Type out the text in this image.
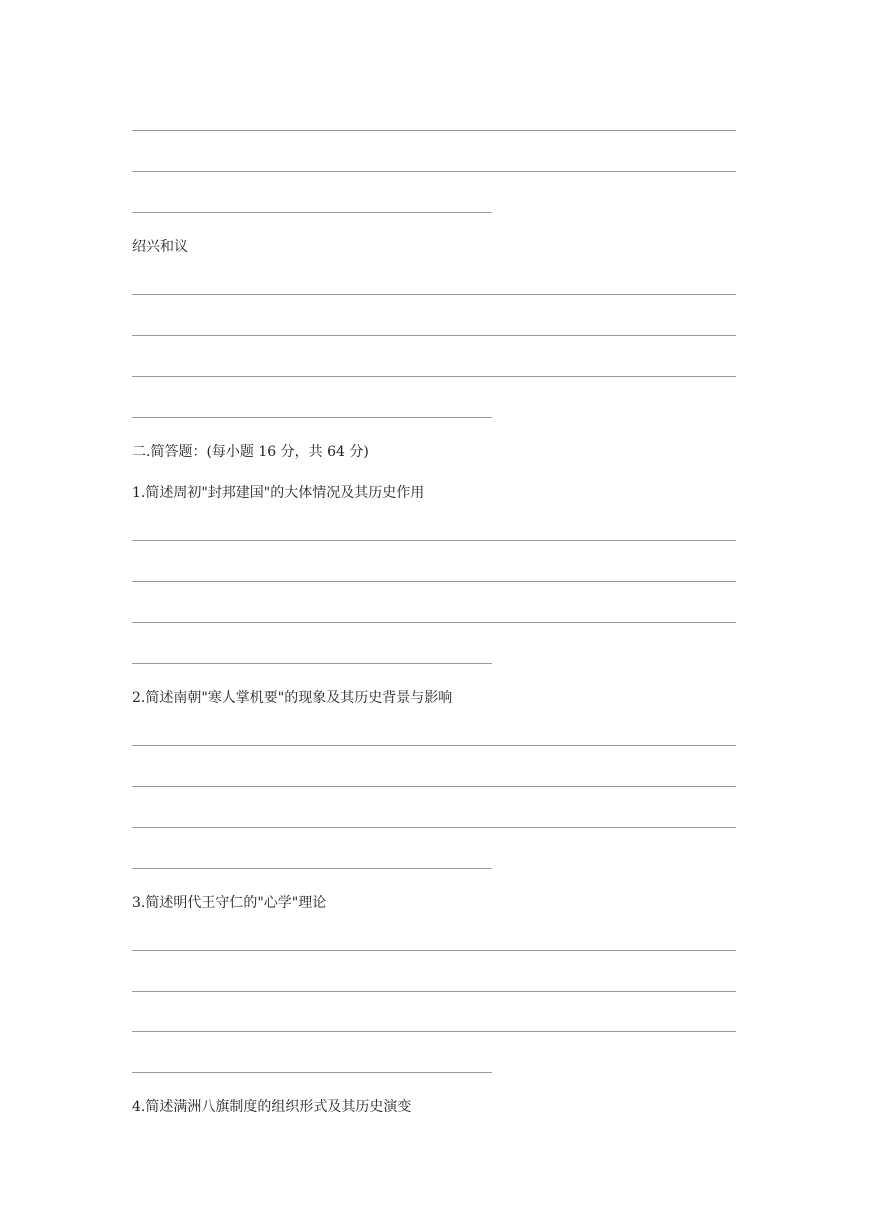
绍兴和议
二.简答题：(每小题 16 分，共 64 分)
1.简述周初"封邦建国"的大体情况及其历史作用
2.简述南朝"寒人掌机要"的现象及其历史背景与影响
3.简述明代王守仁的"心学"理论
4.简述满洲八旗制度的组织形式及其历史演变
